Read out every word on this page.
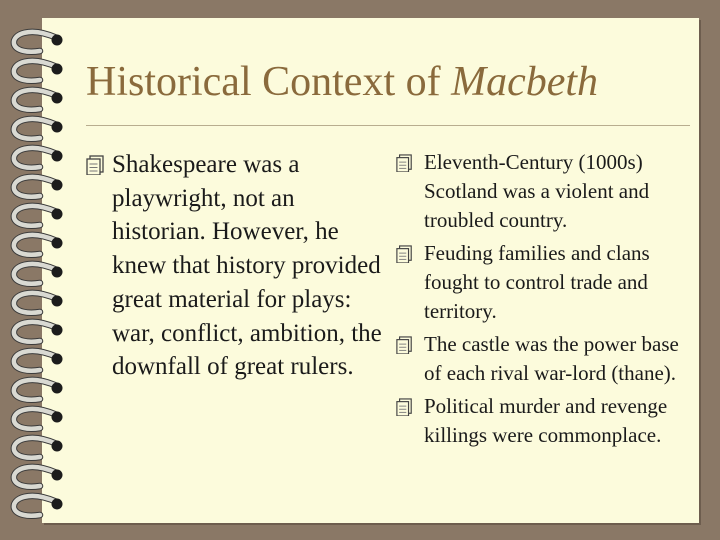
Historical Context of Macbeth
Shakespeare was a playwright, not an historian. However, he knew that history provided great material for plays: war, conflict, ambition, the downfall of great rulers.
Eleventh-Century (1000s) Scotland was a violent and troubled country.
Feuding families and clans fought to control trade and territory.
The castle was the power base of each rival war-lord (thane).
Political murder and revenge killings were commonplace.
